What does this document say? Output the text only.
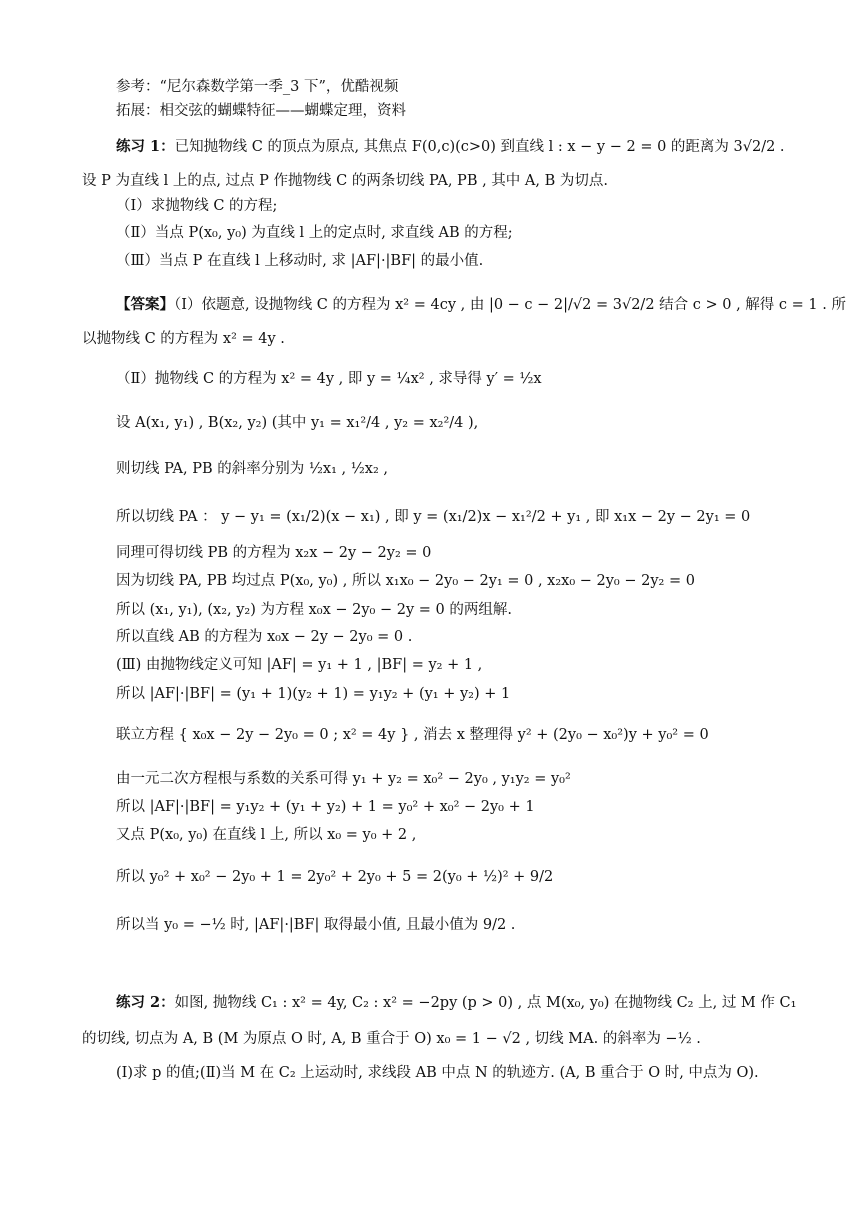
参考：“尼尔森数学第一季_3 下”，优酷视频
拓展：相交弦的蝴蝶特征——蝴蝶定理，资料
练习 1：已知抛物线 C 的顶点为原点, 其焦点 F(0,c)(c>0) 到直线 l : x − y − 2 = 0 的距离为 3√2/2 .
设 P 为直线 l 上的点, 过点 P 作抛物线 C 的两条切线 PA, PB , 其中 A, B 为切点.
（Ⅰ）求抛物线 C 的方程;
（Ⅱ）当点 P(x₀, y₀) 为直线 l 上的定点时, 求直线 AB 的方程;
（Ⅲ）当点 P 在直线 l 上移动时, 求 |AF|·|BF| 的最小值.
【答案】（Ⅰ）依题意, 设抛物线 C 的方程为 x² = 4cy , 由 |0 − c − 2|/√2 = 3√2/2 结合 c > 0 , 解得 c = 1 . 所
以抛物线 C 的方程为 x² = 4y .
（Ⅱ）抛物线 C 的方程为 x² = 4y , 即 y = ¼x² , 求导得 y′ = ½x
设 A(x₁, y₁) , B(x₂, y₂) (其中 y₁ = x₁²/4 , y₂ = x₂²/4 ),
则切线 PA, PB 的斜率分别为 ½x₁ , ½x₂ ,
所以切线 PA ： y − y₁ = (x₁/2)(x − x₁) , 即 y = (x₁/2)x − x₁²/2 + y₁ , 即 x₁x − 2y − 2y₁ = 0
同理可得切线 PB 的方程为 x₂x − 2y − 2y₂ = 0
因为切线 PA, PB 均过点 P(x₀, y₀) , 所以 x₁x₀ − 2y₀ − 2y₁ = 0 , x₂x₀ − 2y₀ − 2y₂ = 0
所以 (x₁, y₁), (x₂, y₂) 为方程 x₀x − 2y₀ − 2y = 0 的两组解.
所以直线 AB 的方程为 x₀x − 2y − 2y₀ = 0 .
(Ⅲ) 由抛物线定义可知 |AF| = y₁ + 1 , |BF| = y₂ + 1 ,
所以 |AF|·|BF| = (y₁ + 1)(y₂ + 1) = y₁y₂ + (y₁ + y₂) + 1
联立方程 { x₀x − 2y − 2y₀ = 0 ; x² = 4y } , 消去 x 整理得 y² + (2y₀ − x₀²)y + y₀² = 0
由一元二次方程根与系数的关系可得 y₁ + y₂ = x₀² − 2y₀ , y₁y₂ = y₀²
所以 |AF|·|BF| = y₁y₂ + (y₁ + y₂) + 1 = y₀² + x₀² − 2y₀ + 1
又点 P(x₀, y₀) 在直线 l 上, 所以 x₀ = y₀ + 2 ,
所以 y₀² + x₀² − 2y₀ + 1 = 2y₀² + 2y₀ + 5 = 2(y₀ + ½)² + 9/2
所以当 y₀ = −½ 时, |AF|·|BF| 取得最小值, 且最小值为 9/2 .
练习 2：如图, 抛物线 C₁ : x² = 4y, C₂ : x² = −2py (p > 0) , 点 M(x₀, y₀) 在抛物线 C₂ 上, 过 M 作 C₁
的切线, 切点为 A, B (M 为原点 O 时, A, B 重合于 O) x₀ = 1 − √2 , 切线 MA. 的斜率为 −½ .
(Ⅰ)求 p 的值;(Ⅱ)当 M 在 C₂ 上运动时, 求线段 AB 中点 N 的轨迹方. (A, B 重合于 O 时, 中点为 O).
